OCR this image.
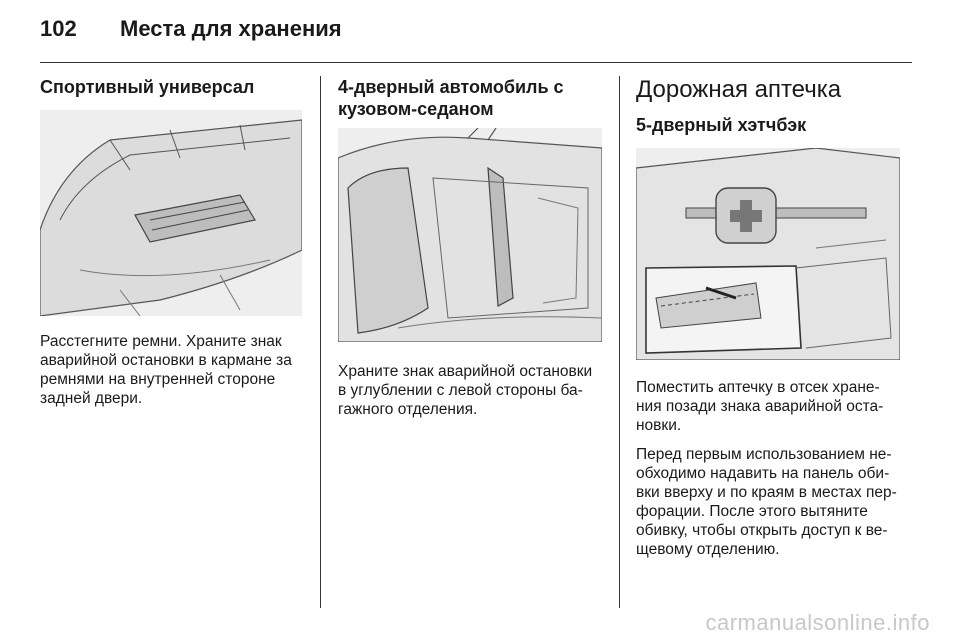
102 Места для хранения
Спортивный универсал

Расстегните ремни. Храните знак аварийной остановки в кармане за ремнями на внутренней стороне задней двери.

4-дверный автомобиль с кузовом-седаном

Храните знак аварийной остановки в углублении с левой стороны ба-гажного отделения.

Дорожная аптечка
5-дверный хэтчбэк

Поместить аптечку в отсек хране-ния позади знака аварийной оста-новки.

Перед первым использованием не-обходимо надавить на панель оби-вки вверху и по краям в местах пер-форации. После этого вытяните обивку, чтобы открыть доступ к ве-щевому отделению.

carmanualsonline.info
